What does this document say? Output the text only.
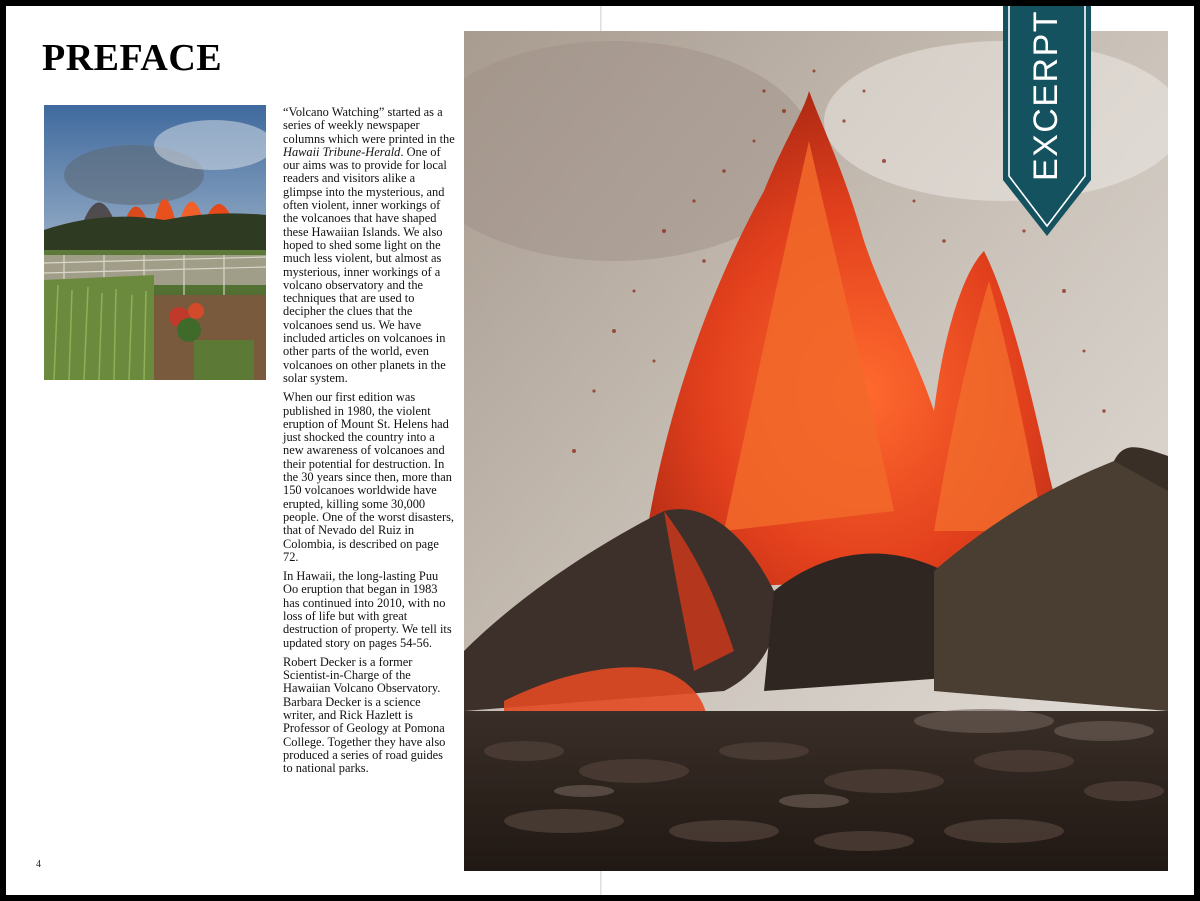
PREFACE

“Volcano Watching” started as a series of weekly newspaper columns which were printed in the Hawaii Tribune-Herald. One of our aims was to provide for local readers and visitors alike a glimpse into the mysterious, and often violent, inner workings of the volcanoes that have shaped these Hawaiian Islands. We also hoped to shed some light on the much less violent, but almost as mysterious, inner workings of a volcano observatory and the techniques that are used to decipher the clues that the volcanoes send us. We have included articles on volcanoes in other parts of the world, even volcanoes on other planets in the solar system.

When our first edition was published in 1980, the violent eruption of Mount St. Helens had just shocked the country into a new awareness of volcanoes and their potential for destruction. In the 30 years since then, more than 150 volcanoes worldwide have erupted, killing some 30,000 people. One of the worst disasters, that of Nevado del Ruiz in Colombia, is described on page 72.

In Hawaii, the long-lasting Puu Oo eruption that began in 1983 has continued into 2010, with no loss of life but with great destruction of property. We tell its updated story on pages 54-56.

Robert Decker is a former Scientist-in-Charge of the Hawaiian Volcano Observatory. Barbara Decker is a science writer, and Rick Hazlett is Professor of Geology at Pomona College. Together they have also produced a series of road guides to national parks.

4
EXCERPT
